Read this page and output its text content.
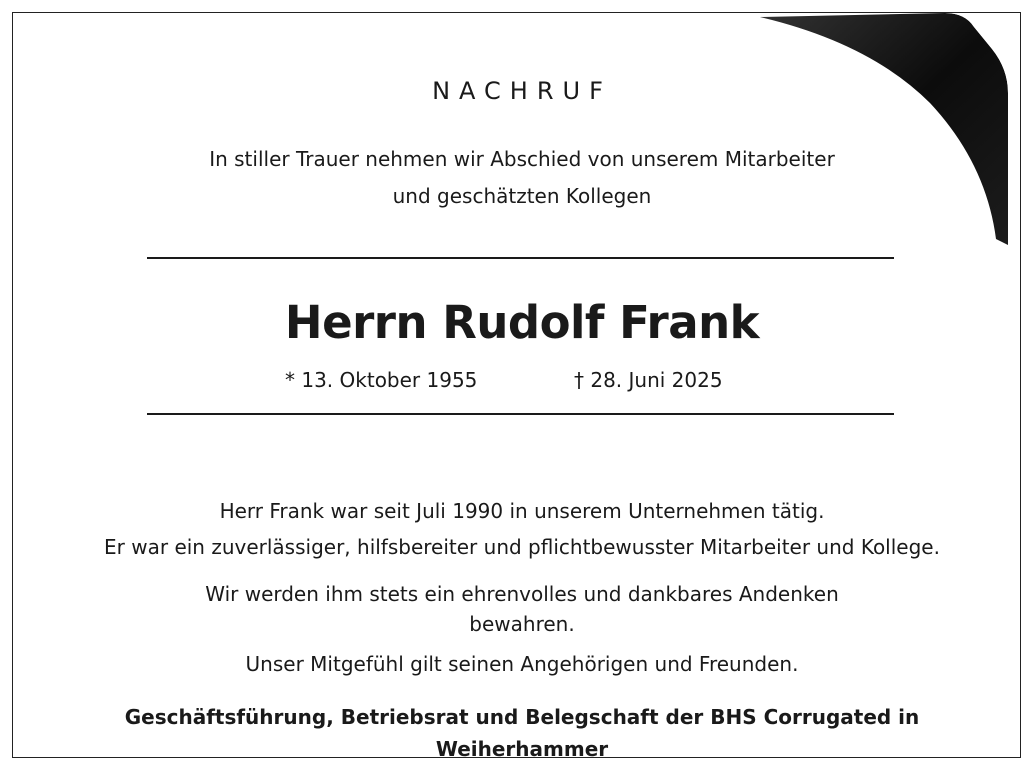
NACHRUF
In stiller Trauer nehmen wir Abschied von unserem Mitarbeiter
und geschätzten Kollegen
Herrn Rudolf Frank
* 13. Oktober 1955	† 28. Juni 2025
Herr Frank war seit Juli 1990 in unserem Unternehmen tätig.
Er war ein zuverlässiger, hilfsbereiter und pflichtbewusster Mitarbeiter und Kollege.
Wir werden ihm stets ein ehrenvolles und dankbares Andenken
bewahren.
Unser Mitgefühl gilt seinen Angehörigen und Freunden.
Geschäftsführung, Betriebsrat und Belegschaft der BHS Corrugated in
Weiherhammer
